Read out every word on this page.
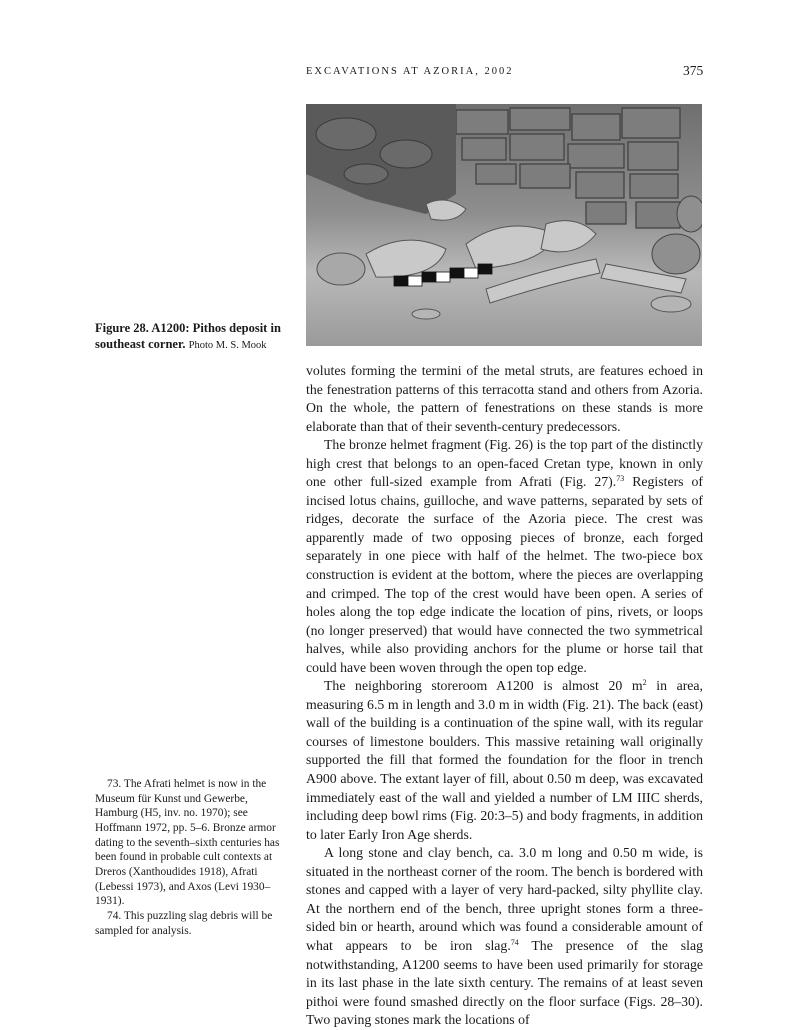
EXCAVATIONS AT AZORIA, 2002	375
Figure 28. A1200: Pithos deposit in southeast corner. Photo M. S. Mook

volutes forming the termini of the metal struts, are features echoed in the fenestration patterns of this terracotta stand and others from Azoria. On the whole, the pattern of fenestrations on these stands is more elaborate than that of their seventh-century predecessors.

The bronze helmet fragment (Fig. 26) is the top part of the distinctly high crest that belongs to an open-faced Cretan type, known in only one other full-sized example from Afrati (Fig. 27).$^{73}$ Registers of incised lotus chains, guilloche, and wave patterns, separated by sets of ridges, decorate the surface of the Azoria piece. The crest was apparently made of two opposing pieces of bronze, each forged separately in one piece with half of the helmet. The two-piece box construction is evident at the bottom, where the pieces are overlapping and crimped. The top of the crest would have been open. A series of holes along the top edge indicate the location of pins, rivets, or loops (no longer preserved) that would have connected the two symmetrical halves, while also providing anchors for the plume or horse tail that could have been woven through the open top edge.

The neighboring storeroom A1200 is almost 20 $m^2$ in area, measuring 6.5 m in length and 3.0 m in width (Fig. 21). The back (east) wall of the building is a continuation of the spine wall, with its regular courses of limestone boulders. This massive retaining wall originally supported the fill that formed the foundation for the floor in trench A900 above. The extant layer of fill, about 0.50 m deep, was excavated immediately east of the wall and yielded a number of LM IIIC sherds, including deep bowl rims (Fig. 20:3–5) and body fragments, in addition to later Early Iron Age sherds.

A long stone and clay bench, ca. 3.0 m long and 0.50 m wide, is situated in the northeast corner of the room. The bench is bordered with stones and capped with a layer of very hard-packed, silty phyllite clay. At the northern end of the bench, three upright stones form a three-sided bin or hearth, around which was found a considerable amount of what appears to be iron slag.$^{74}$ The presence of the slag notwithstanding, A1200 seems to have been used primarily for storage in its last phase in the late sixth century. The remains of at least seven pithoi were found smashed directly on the floor surface (Figs. 28–30). Two paving stones mark the locations of

73. The Afrati helmet is now in the Museum für Kunst und Gewerbe, Hamburg (H5, inv. no. 1970); see Hoffmann 1972, pp. 5–6. Bronze armor dating to the seventh–sixth centuries has been found in probable cult contexts at Dreros (Xanthoudides 1918), Afrati (Lebessi 1973), and Axos (Levi 1930–1931).

74. This puzzling slag debris will be sampled for analysis.
